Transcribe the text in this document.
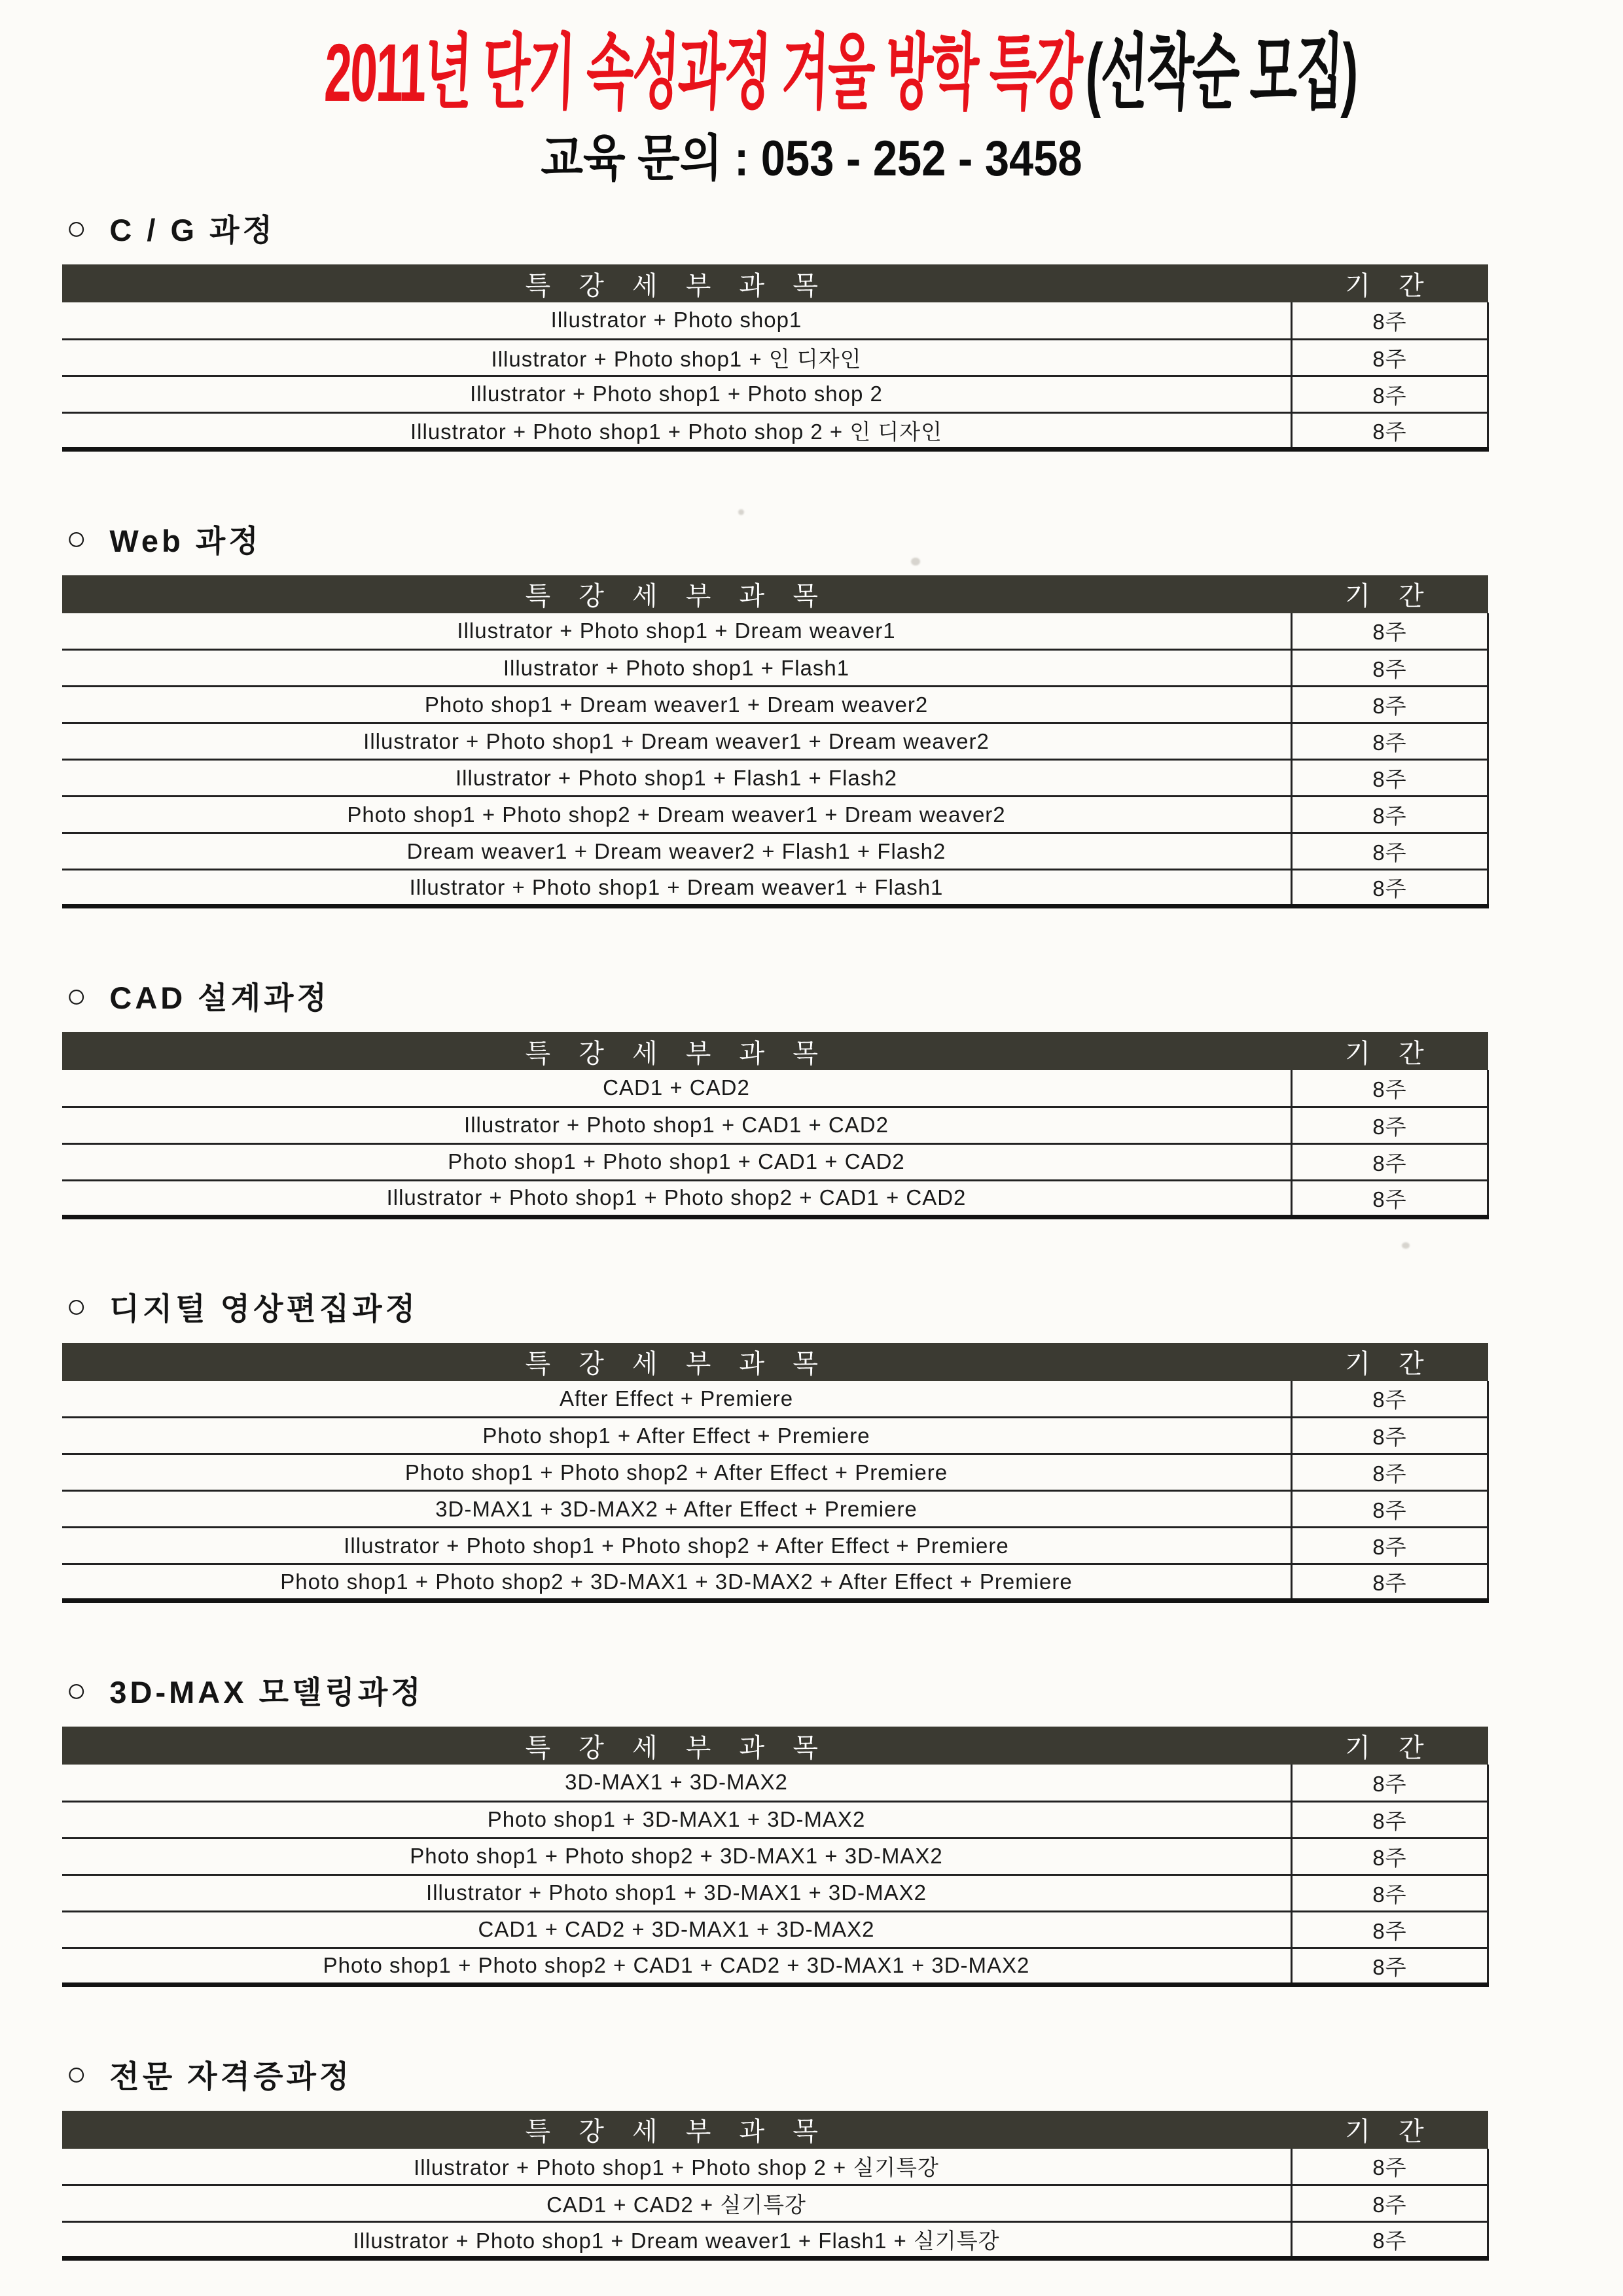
2011년 단기 속성과정 겨울 방학 특강(선착순 모집)
교육 문의 : 053 - 252 - 3458
○ C / G 과정
특 강 세 부 과 목	기 간
Illustrator + Photo shop1	8주
Illustrator + Photo shop1 + 인 디자인	8주
Illustrator + Photo shop1 + Photo shop 2	8주
Illustrator + Photo shop1 + Photo shop 2 + 인 디자인	8주
○ Web 과정
특 강 세 부 과 목	기 간
Illustrator + Photo shop1 + Dream weaver1	8주
Illustrator + Photo shop1 + Flash1	8주
Photo shop1 + Dream weaver1 + Dream weaver2	8주
Illustrator + Photo shop1 + Dream weaver1 + Dream weaver2	8주
Illustrator + Photo shop1 + Flash1 + Flash2	8주
Photo shop1 + Photo shop2 + Dream weaver1 + Dream weaver2	8주
Dream weaver1 + Dream weaver2 + Flash1 + Flash2	8주
Illustrator + Photo shop1 + Dream weaver1 + Flash1	8주
○ CAD 설계과정
특 강 세 부 과 목	기 간
CAD1 + CAD2	8주
Illustrator + Photo shop1 + CAD1 + CAD2	8주
Photo shop1 + Photo shop1 + CAD1 + CAD2	8주
Illustrator + Photo shop1 + Photo shop2 + CAD1 + CAD2	8주
○ 디지털 영상편집과정
특 강 세 부 과 목	기 간
After Effect + Premiere	8주
Photo shop1 + After Effect + Premiere	8주
Photo shop1 + Photo shop2 + After Effect + Premiere	8주
3D-MAX1 + 3D-MAX2 + After Effect + Premiere	8주
Illustrator + Photo shop1 + Photo shop2 + After Effect + Premiere	8주
Photo shop1 + Photo shop2 + 3D-MAX1 + 3D-MAX2 + After Effect + Premiere	8주
○ 3D-MAX 모델링과정
특 강 세 부 과 목	기 간
3D-MAX1 + 3D-MAX2	8주
Photo shop1 + 3D-MAX1 + 3D-MAX2	8주
Photo shop1 + Photo shop2 + 3D-MAX1 + 3D-MAX2	8주
Illustrator + Photo shop1 + 3D-MAX1 + 3D-MAX2	8주
CAD1 + CAD2 + 3D-MAX1 + 3D-MAX2	8주
Photo shop1 + Photo shop2 + CAD1 + CAD2 + 3D-MAX1 + 3D-MAX2	8주
○ 전문 자격증과정
특 강 세 부 과 목	기 간
Illustrator + Photo shop1 + Photo shop 2 + 실기특강	8주
CAD1 + CAD2 + 실기특강	8주
Illustrator + Photo shop1 + Dream weaver1 + Flash1 + 실기특강	8주
